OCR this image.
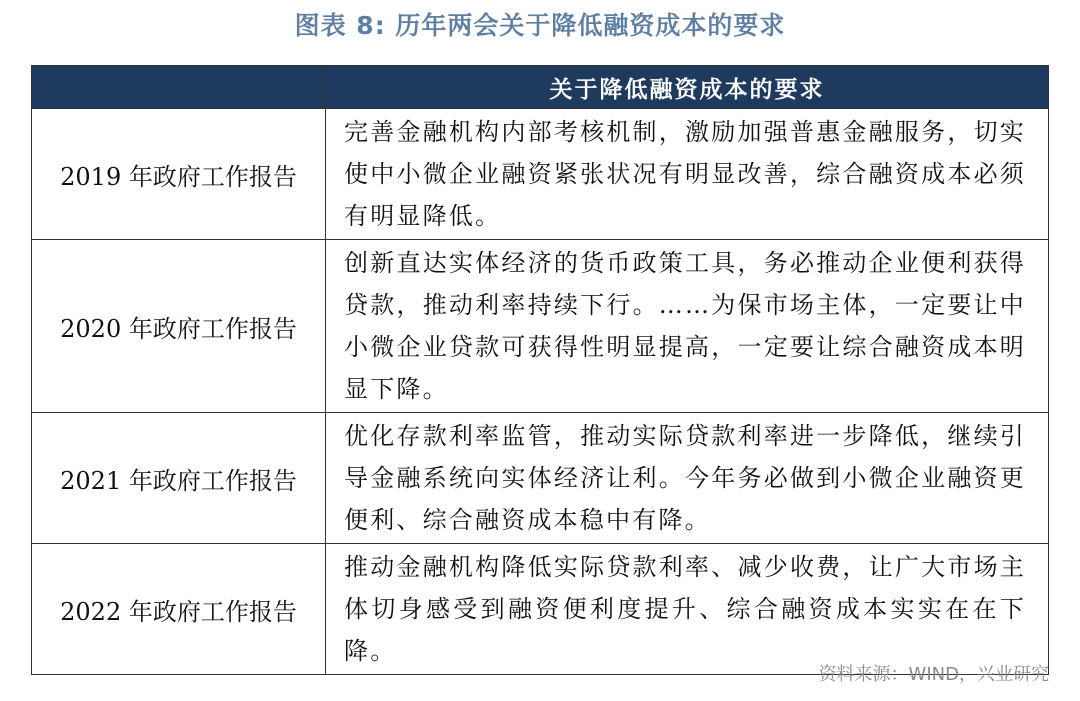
图表 8: 历年两会关于降低融资成本的要求
	关于降低融资成本的要求
2019 年政府工作报告	完善金融机构内部考核机制，激励加强普惠金融服务，切实使中小微企业融资紧张状况有明显改善，综合融资成本必须有明显降低。
2020 年政府工作报告	创新直达实体经济的货币政策工具，务必推动企业便利获得贷款，推动利率持续下行。……为保市场主体，一定要让中小微企业贷款可获得性明显提高，一定要让综合融资成本明显下降。
2021 年政府工作报告	优化存款利率监管，推动实际贷款利率进一步降低，继续引导金融系统向实体经济让利。今年务必做到小微企业融资更便利、综合融资成本稳中有降。
2022 年政府工作报告	推动金融机构降低实际贷款利率、减少收费，让广大市场主体切身感受到融资便利度提升、综合融资成本实实在在下降。
资料来源：WIND，兴业研究
